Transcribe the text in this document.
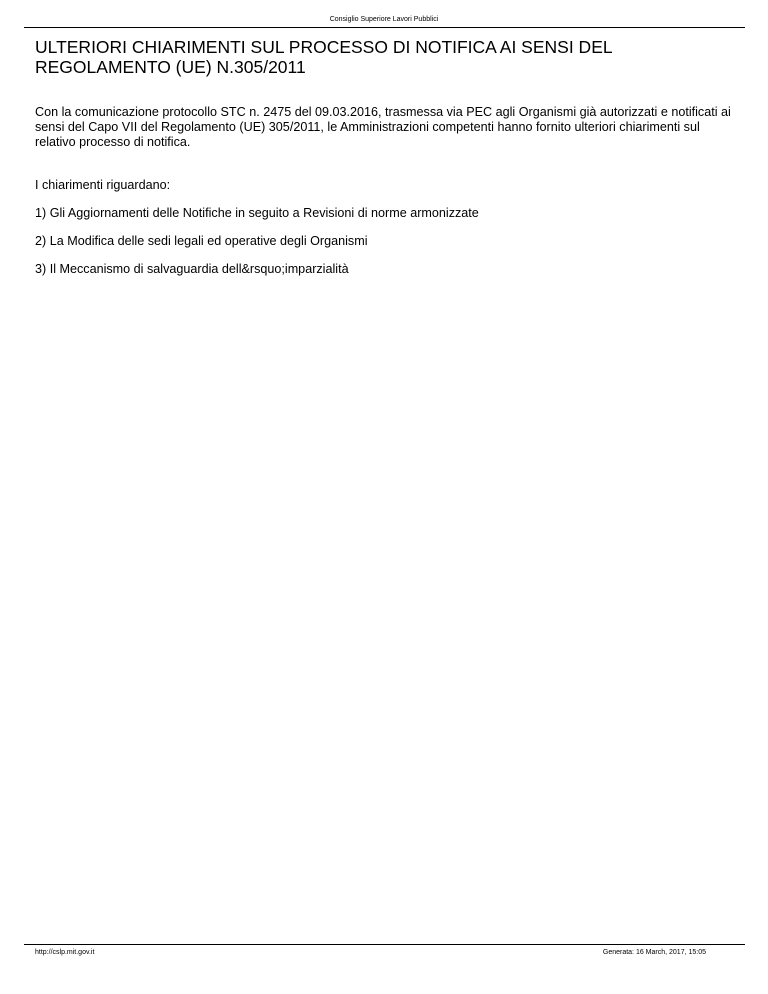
Consiglio Superiore Lavori Pubblici
ULTERIORI CHIARIMENTI SUL PROCESSO DI NOTIFICA AI SENSI DEL REGOLAMENTO (UE) N.305/2011

Con la comunicazione protocollo STC n. 2475 del 09.03.2016, trasmessa via PEC agli Organismi già autorizzati e notificati ai sensi del Capo VII del Regolamento (UE) 305/2011, le Amministrazioni competenti hanno fornito ulteriori chiarimenti sul relativo processo di notifica.

I chiarimenti riguardano:

1) Gli Aggiornamenti delle Notifiche in seguito a Revisioni di norme armonizzate

2) La Modifica delle sedi legali ed operative degli Organismi

3) Il Meccanismo di salvaguardia dell&rsquo;imparzialità

http://cslp.mit.gov.it	Generata: 16 March, 2017, 15:05
